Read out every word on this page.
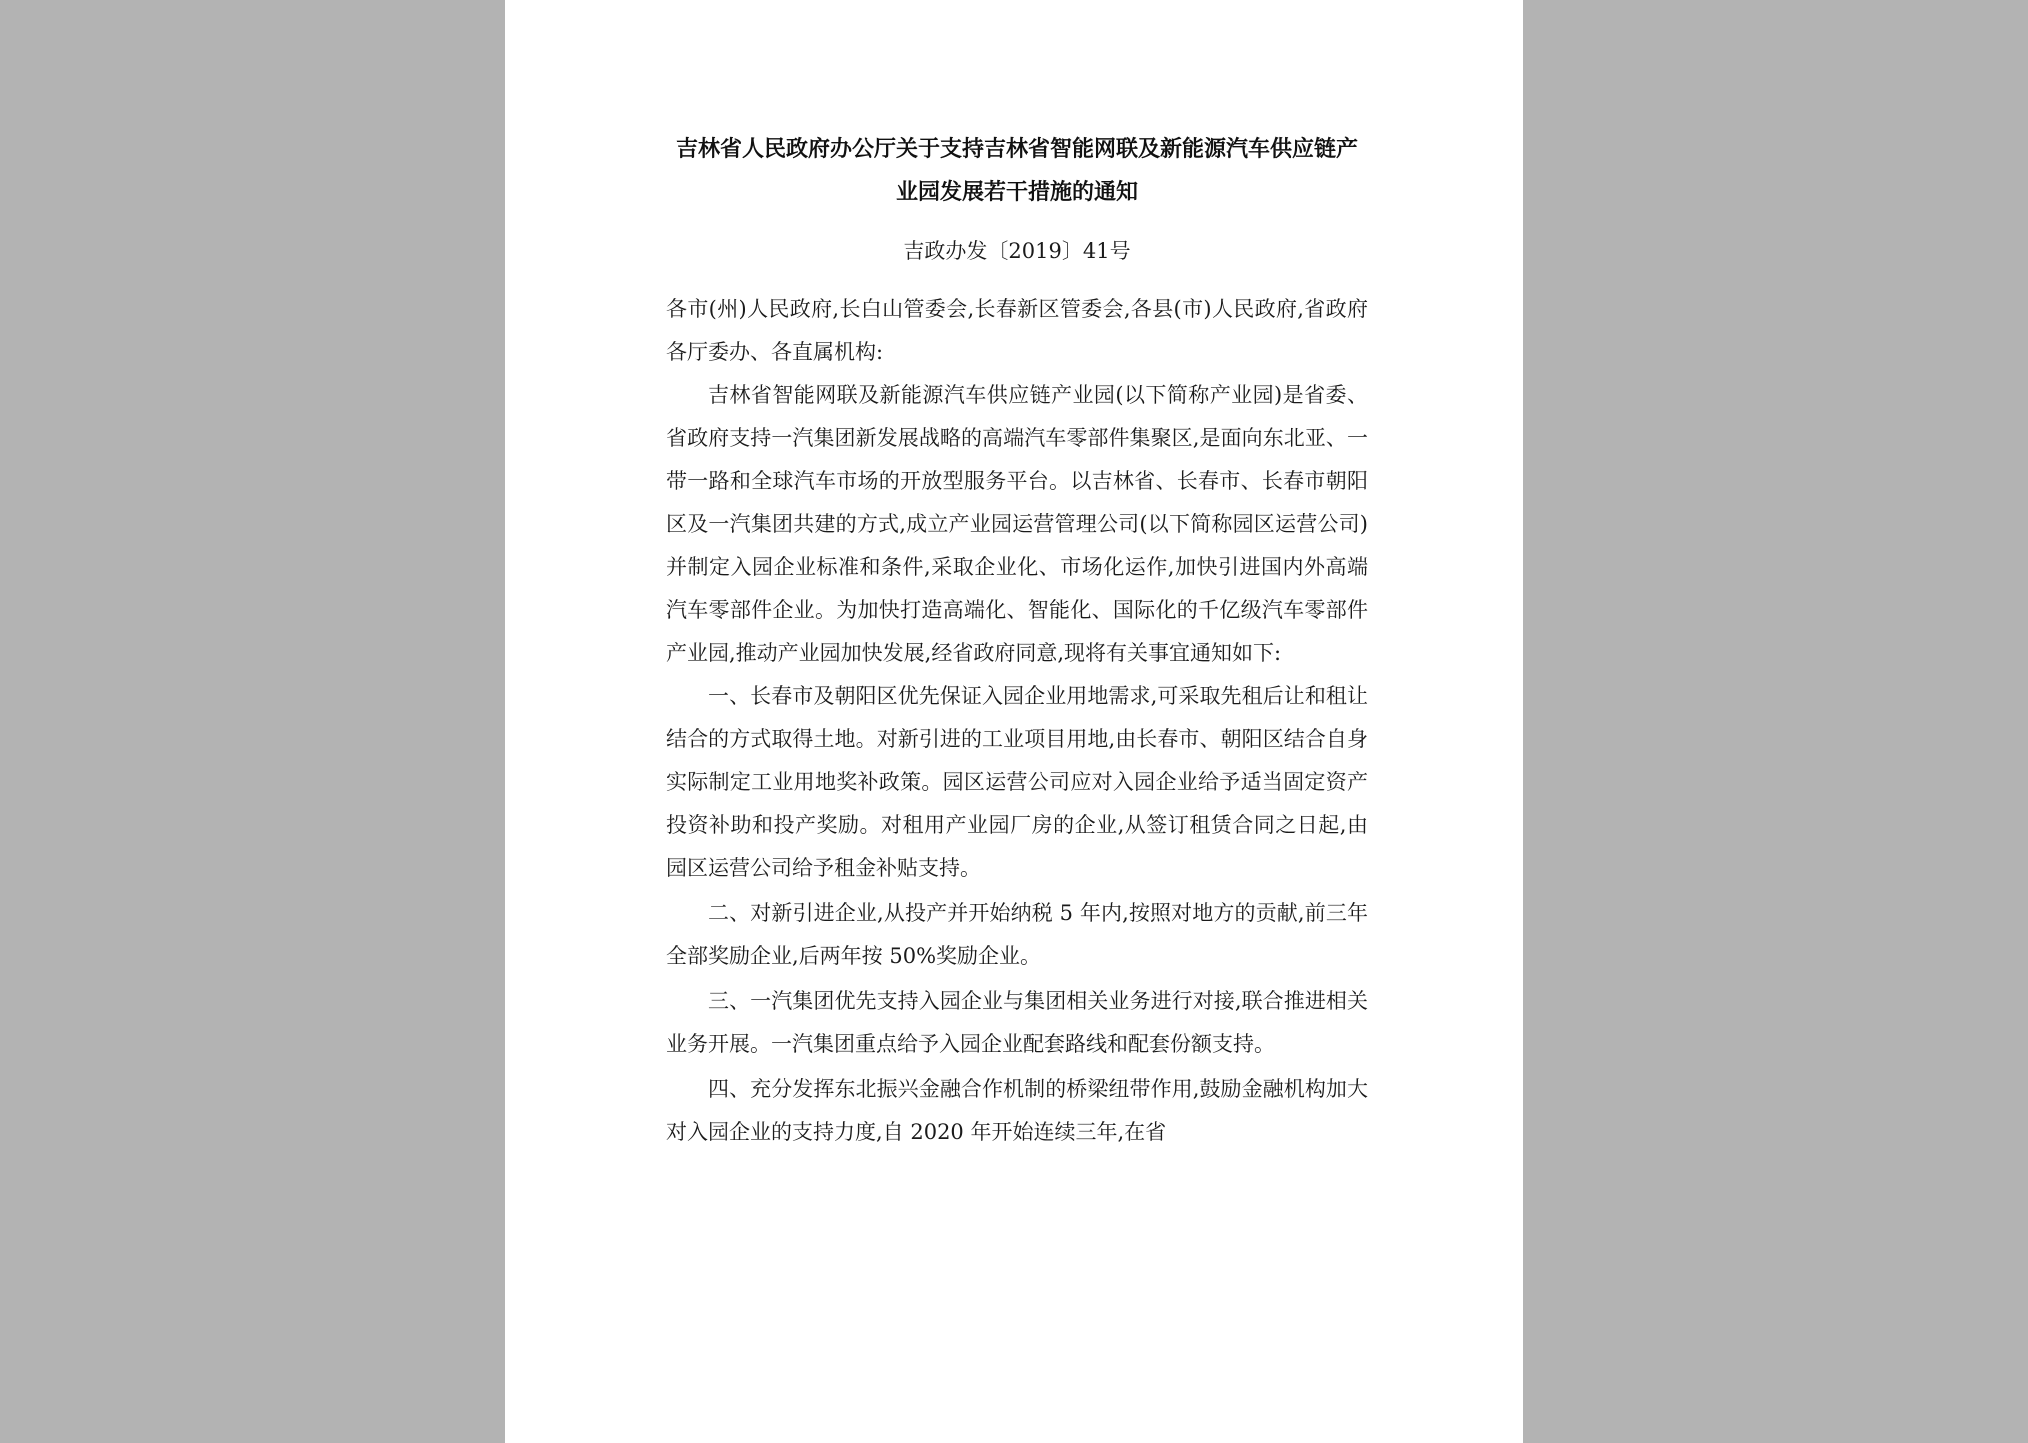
吉林省人民政府办公厅关于支持吉林省智能网联及新能源汽车供应链产业园发展若干措施的通知
吉政办发〔2019〕41号

各市(州)人民政府,长白山管委会,长春新区管委会,各县(市)人民政府,省政府各厅委办、各直属机构:

吉林省智能网联及新能源汽车供应链产业园(以下简称产业园)是省委、省政府支持一汽集团新发展战略的高端汽车零部件集聚区,是面向东北亚、一带一路和全球汽车市场的开放型服务平台。以吉林省、长春市、长春市朝阳区及一汽集团共建的方式,成立产业园运营管理公司(以下简称园区运营公司)并制定入园企业标准和条件,采取企业化、市场化运作,加快引进国内外高端汽车零部件企业。为加快打造高端化、智能化、国际化的千亿级汽车零部件产业园,推动产业园加快发展,经省政府同意,现将有关事宜通知如下:

一、长春市及朝阳区优先保证入园企业用地需求,可采取先租后让和租让结合的方式取得土地。对新引进的工业项目用地,由长春市、朝阳区结合自身实际制定工业用地奖补政策。园区运营公司应对入园企业给予适当固定资产投资补助和投产奖励。对租用产业园厂房的企业,从签订租赁合同之日起,由园区运营公司给予租金补贴支持。

二、对新引进企业,从投产并开始纳税 5 年内,按照对地方的贡献,前三年全部奖励企业,后两年按 50%奖励企业。

三、一汽集团优先支持入园企业与集团相关业务进行对接,联合推进相关业务开展。一汽集团重点给予入园企业配套路线和配套份额支持。

四、充分发挥东北振兴金融合作机制的桥梁纽带作用,鼓励金融机构加大对入园企业的支持力度,自 2020 年开始连续三年,在省
